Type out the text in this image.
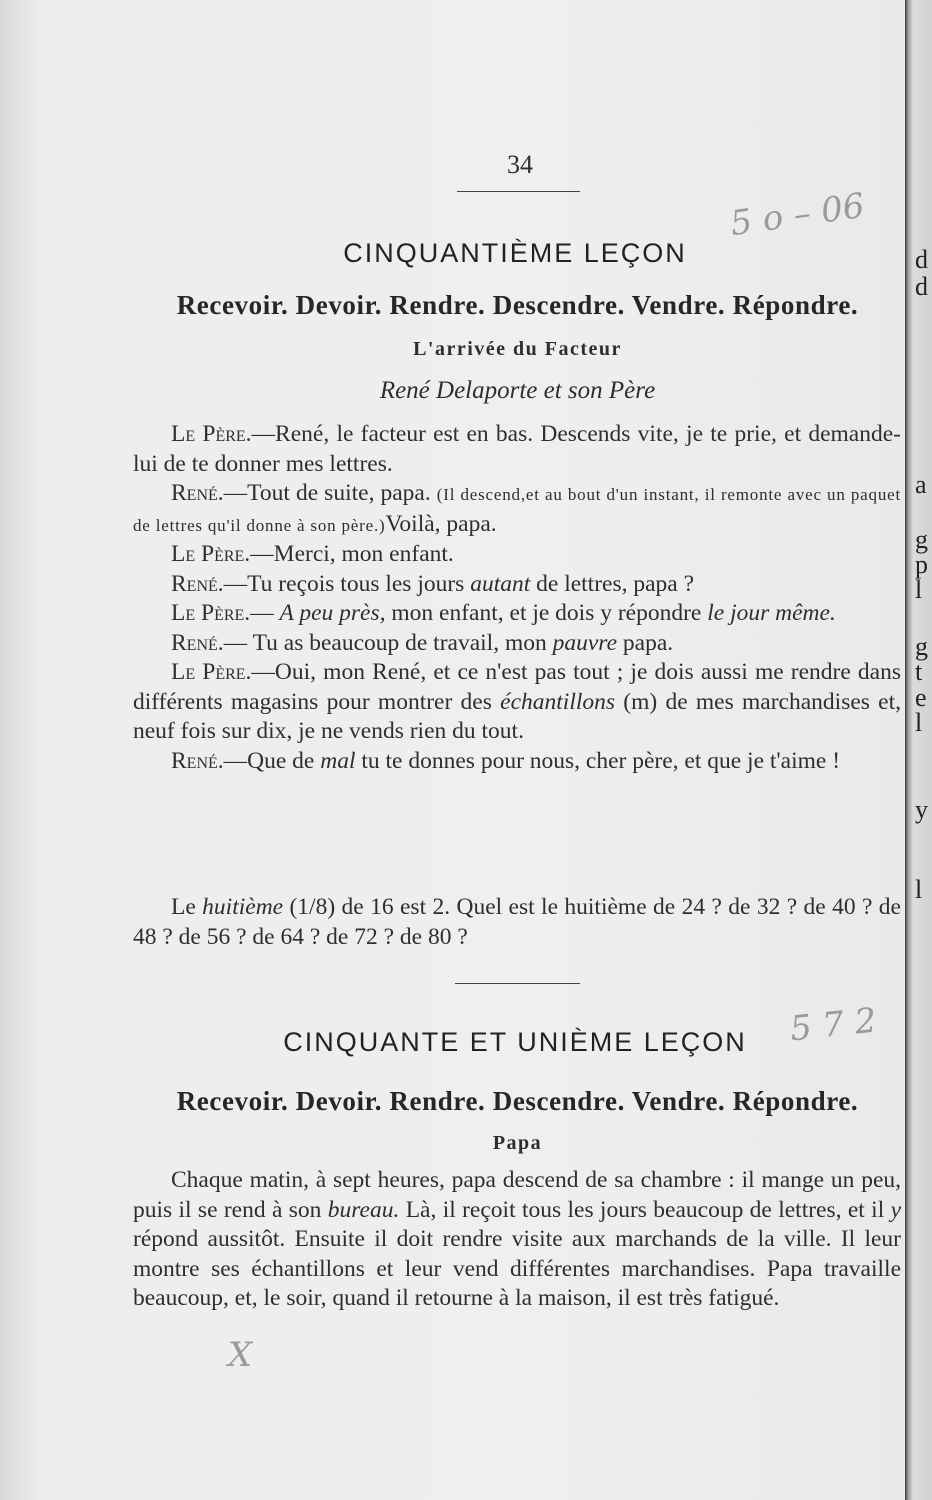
34
5 o – 06
5 7 2
X
CINQUANTIÈME LEÇON
Recevoir. Devoir. Rendre. Descendre. Vendre. Répondre.
L'arrivée du Facteur
René Delaporte et son Père

Le Père.—René, le facteur est en bas. Descends vite, je te prie, et demande-lui de te donner mes lettres.

René.—Tout de suite, papa. (Il descend,et au bout d'un instant, il remonte avec un paquet de lettres qu'il donne à son père.)Voilà, papa.

Le Père.—Merci, mon enfant.

René.—Tu reçois tous les jours autant de lettres, papa ?

Le Père.— A peu près, mon enfant, et je dois y répondre le jour même.

René.— Tu as beaucoup de travail, mon pauvre papa.

Le Père.—Oui, mon René, et ce n'est pas tout ; je dois aussi me rendre dans différents magasins pour montrer des échantillons (m) de mes marchandises et, neuf fois sur dix, je ne vends rien du tout.

René.—Que de mal tu te donnes pour nous, cher père, et que je t'aime !

Le huitième (1/8) de 16 est 2. Quel est le huitième de 24 ? de 32 ? de 40 ? de 48 ? de 56 ? de 64 ? de 72 ? de 80 ?

CINQUANTE ET UNIÈME LEÇON
Recevoir. Devoir. Rendre. Descendre. Vendre. Répondre.
Papa

Chaque matin, à sept heures, papa descend de sa chambre : il mange un peu, puis il se rend à son bureau. Là, il reçoit tous les jours beaucoup de lettres, et il y répond aussitôt. Ensuite il doit rendre visite aux marchands de la ville. Il leur montre ses échantillons et leur vend différentes marchandises. Papa travaille beaucoup, et, le soir, quand il retourne à la maison, il est très fatigué.

d
d
a
g
p
l
g
t
e
l
y
l
